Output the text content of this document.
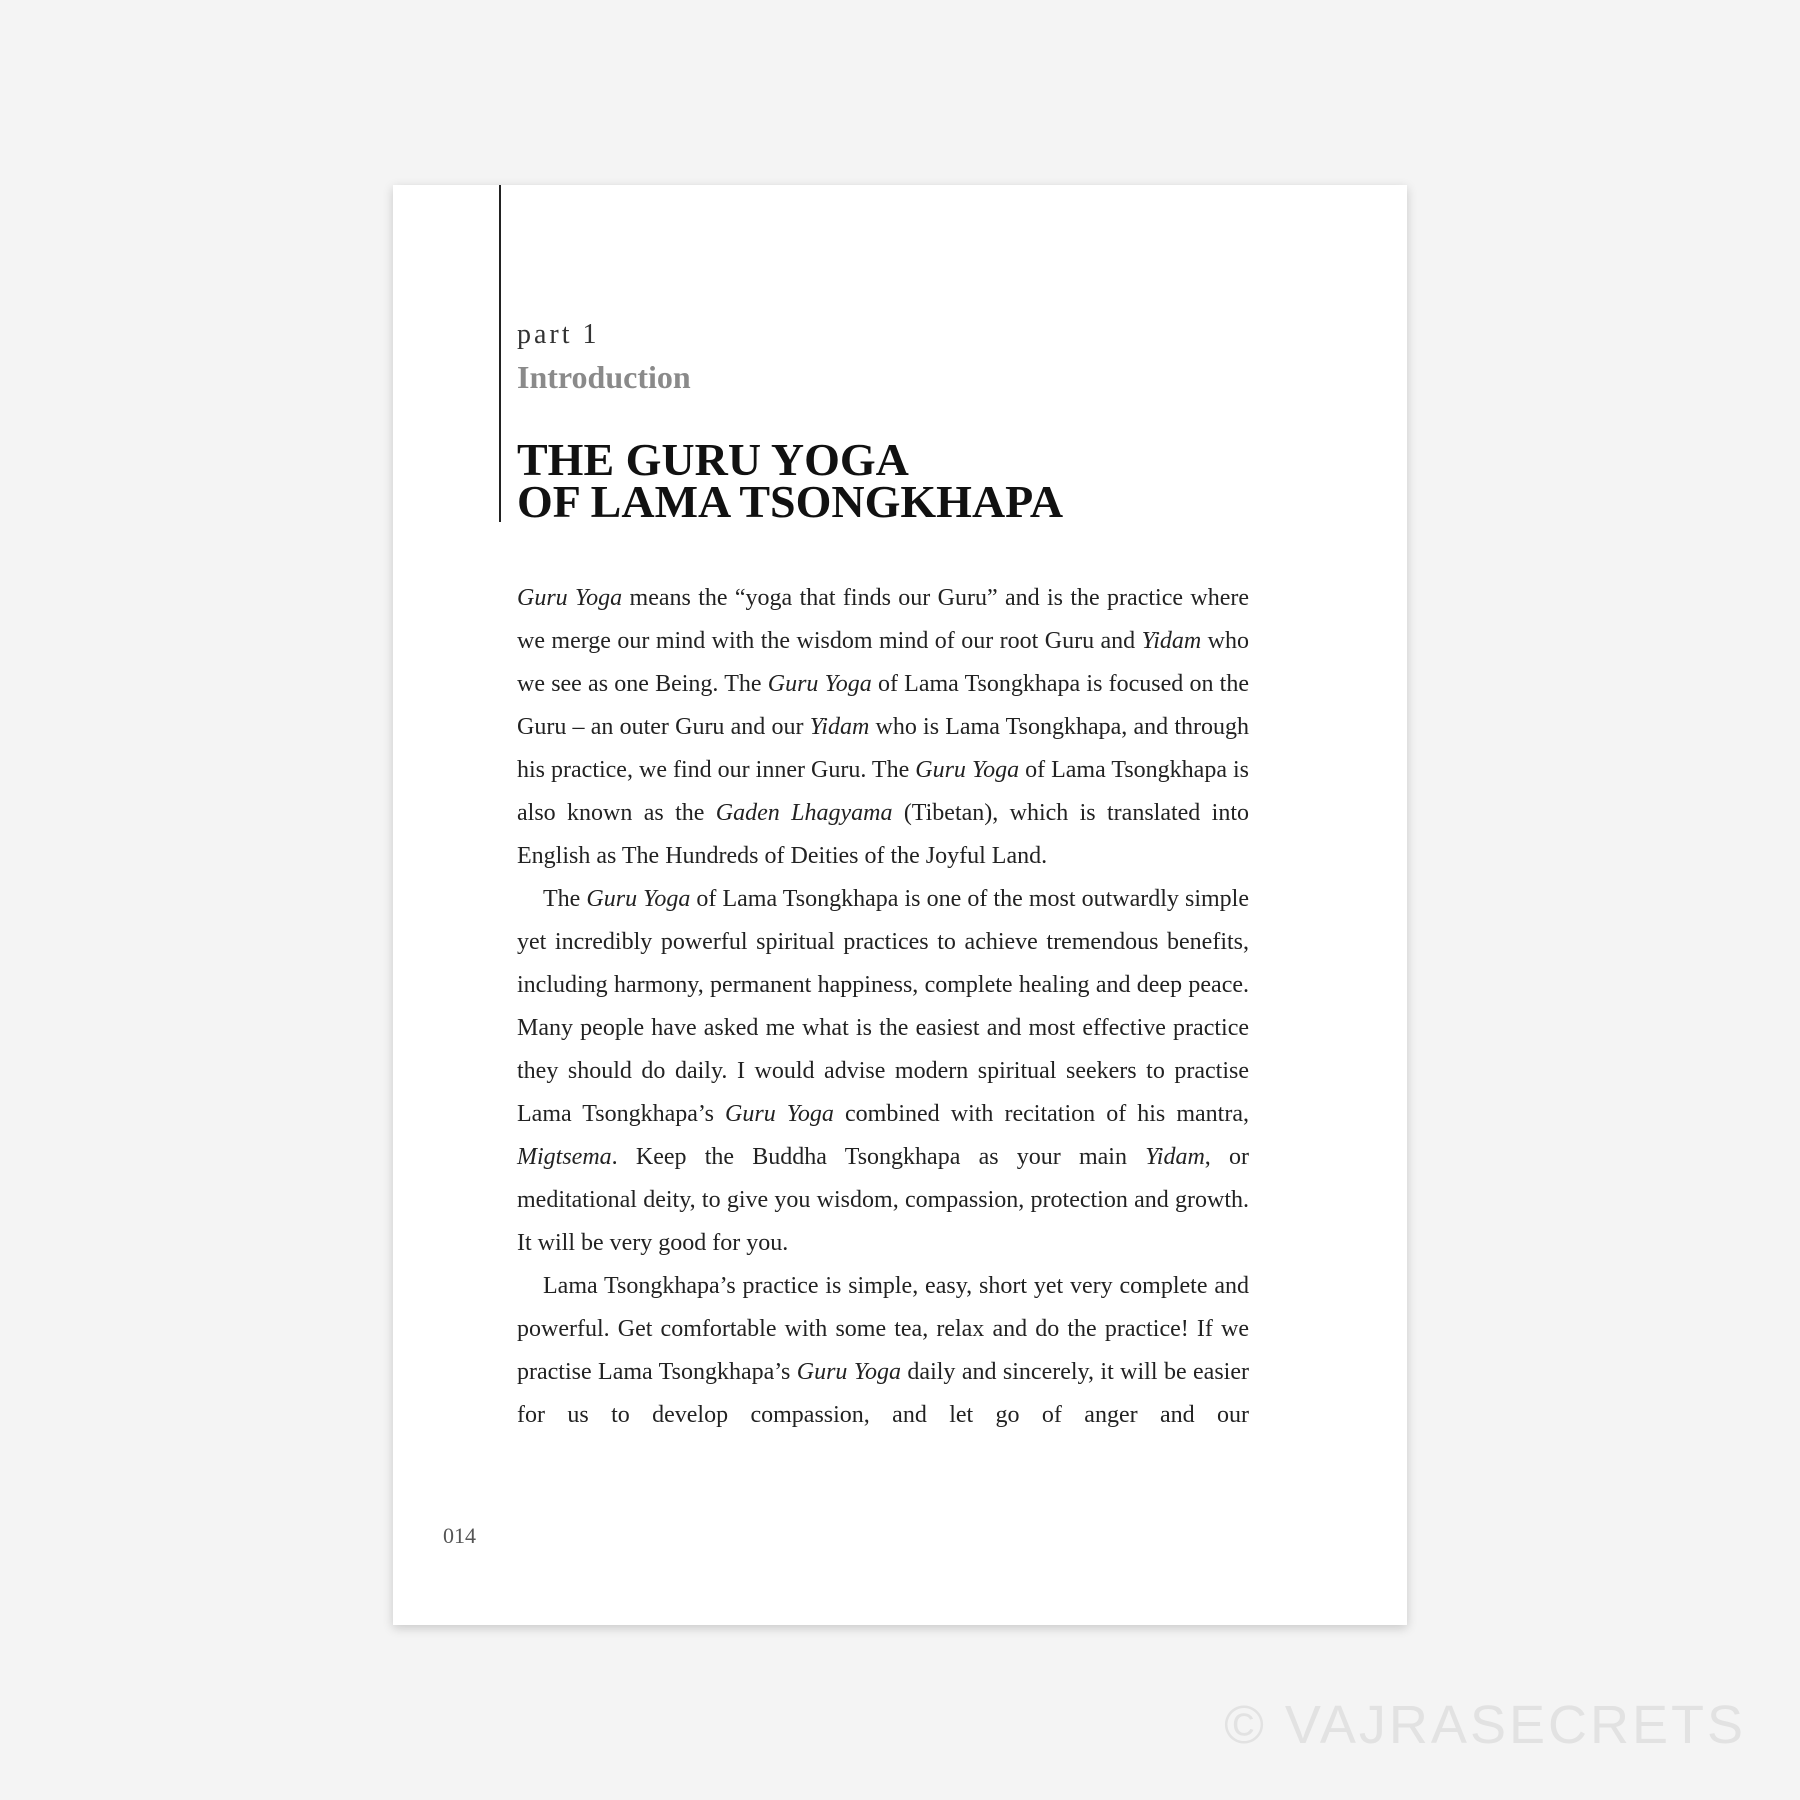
part 1
Introduction
THE GURU YOGA
OF LAMA TSONGKHAPA

Guru Yoga means the “yoga that finds our Guru” and is the practice where we merge our mind with the wisdom mind of our root Guru and Yidam who we see as one Being. The Guru Yoga of Lama Tsongkhapa is focused on the Guru – an outer Guru and our Yidam who is Lama Tsongkhapa, and through his practice, we find our inner Guru. The Guru Yoga of Lama Tsongkhapa is also known as the Gaden Lhagyama (Tibetan), which is translated into English as The Hundreds of Deities of the Joyful Land.

The Guru Yoga of Lama Tsongkhapa is one of the most outwardly simple yet incredibly powerful spiritual practices to achieve tremendous benefits, including harmony, permanent happiness, complete healing and deep peace. Many people have asked me what is the easiest and most effective practice they should do daily. I would advise modern spiritual seekers to practise Lama Tsongkhapa’s Guru Yoga combined with recitation of his mantra, Migtsema. Keep the Buddha Tsongkhapa as your main Yidam, or meditational deity, to give you wisdom, compassion, protection and growth. It will be very good for you.

Lama Tsongkhapa’s practice is simple, easy, short yet very complete and powerful. Get comfortable with some tea, relax and do the practice! If we practise Lama Tsongkhapa’s Guru Yoga daily and sincerely, it will be easier for us to develop compassion, and let go of anger and our

014
© VAJRASECRETS
